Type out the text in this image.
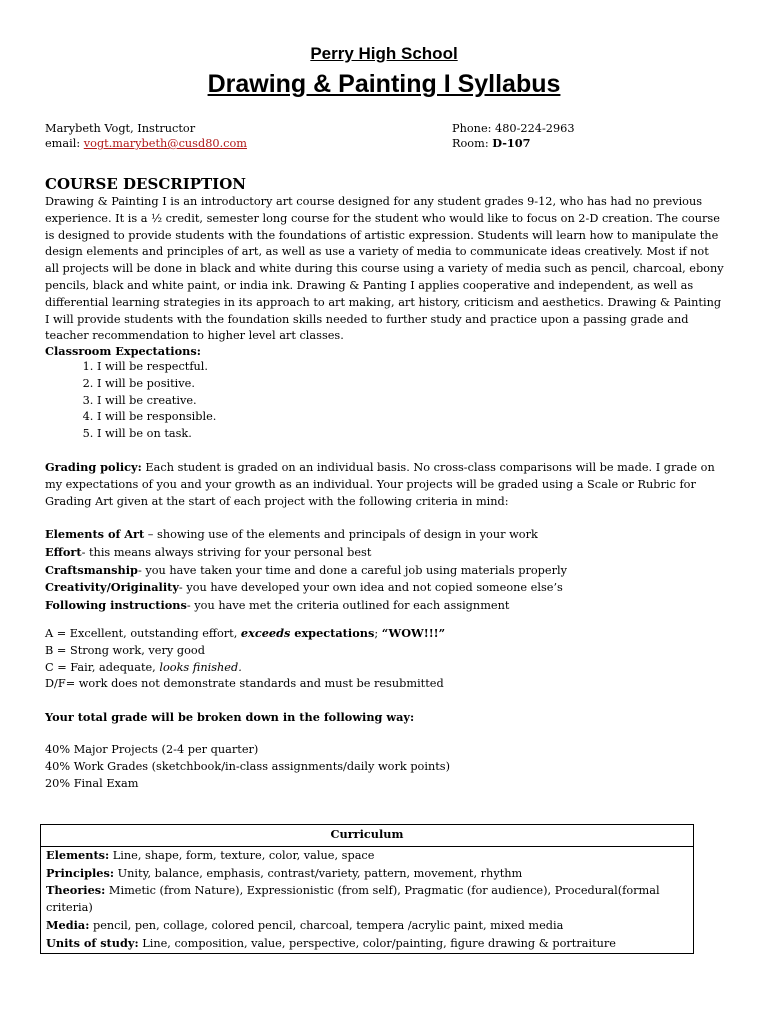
Perry High School
Drawing & Painting I Syllabus
Marybeth Vogt, Instructor
email: vogt.marybeth@cusd80.com
Phone: 480-224-2963
Room: D-107
COURSE DESCRIPTION
Drawing & Painting I is an introductory art course designed for any student grades 9-12, who has had no previous experience. It is a ½ credit, semester long course for the student who would like to focus on 2-D creation. The course is designed to provide students with the foundations of artistic expression. Students will learn how to manipulate the design elements and principles of art, as well as use a variety of media to communicate ideas creatively. Most if not all projects will be done in black and white during this course using a variety of media such as pencil, charcoal, ebony pencils, black and white paint, or india ink. Drawing & Panting I applies cooperative and independent, as well as differential learning strategies in its approach to art making, art history, criticism and aesthetics. Drawing & Painting I will provide students with the foundation skills needed to further study and practice upon a passing grade and teacher recommendation to higher level art classes.
Classroom Expectations:
1. I will be respectful.
2. I will be positive.
3. I will be creative.
4. I will be responsible.
5. I will be on task.
Grading policy: Each student is graded on an individual basis. No cross-class comparisons will be made. I grade on my expectations of you and your growth as an individual. Your projects will be graded using a Scale or Rubric for Grading Art given at the start of each project with the following criteria in mind:
Elements of Art – showing use of the elements and principals of design in your work
Effort- this means always striving for your personal best
Craftsmanship- you have taken your time and done a careful job using materials properly
Creativity/Originality- you have developed your own idea and not copied someone else’s
Following instructions- you have met the criteria outlined for each assignment
A = Excellent, outstanding effort, exceeds expectations; “WOW!!!”
B = Strong work, very good
C = Fair, adequate, looks finished.
D/F= work does not demonstrate standards and must be resubmitted
Your total grade will be broken down in the following way:
40% Major Projects (2-4 per quarter)
40% Work Grades (sketchbook/in-class assignments/daily work points)
20% Final Exam
Curriculum

Elements: Line, shape, form, texture, color, value, space
Principles: Unity, balance, emphasis, contrast/variety, pattern, movement, rhythm
Theories: Mimetic (from Nature), Expressionistic (from self), Pragmatic (for audience), Procedural(formal criteria)
Media: pencil, pen, collage, colored pencil, charcoal, tempera /acrylic paint, mixed media
Units of study: Line, composition, value, perspective, color/painting, figure drawing & portraiture
